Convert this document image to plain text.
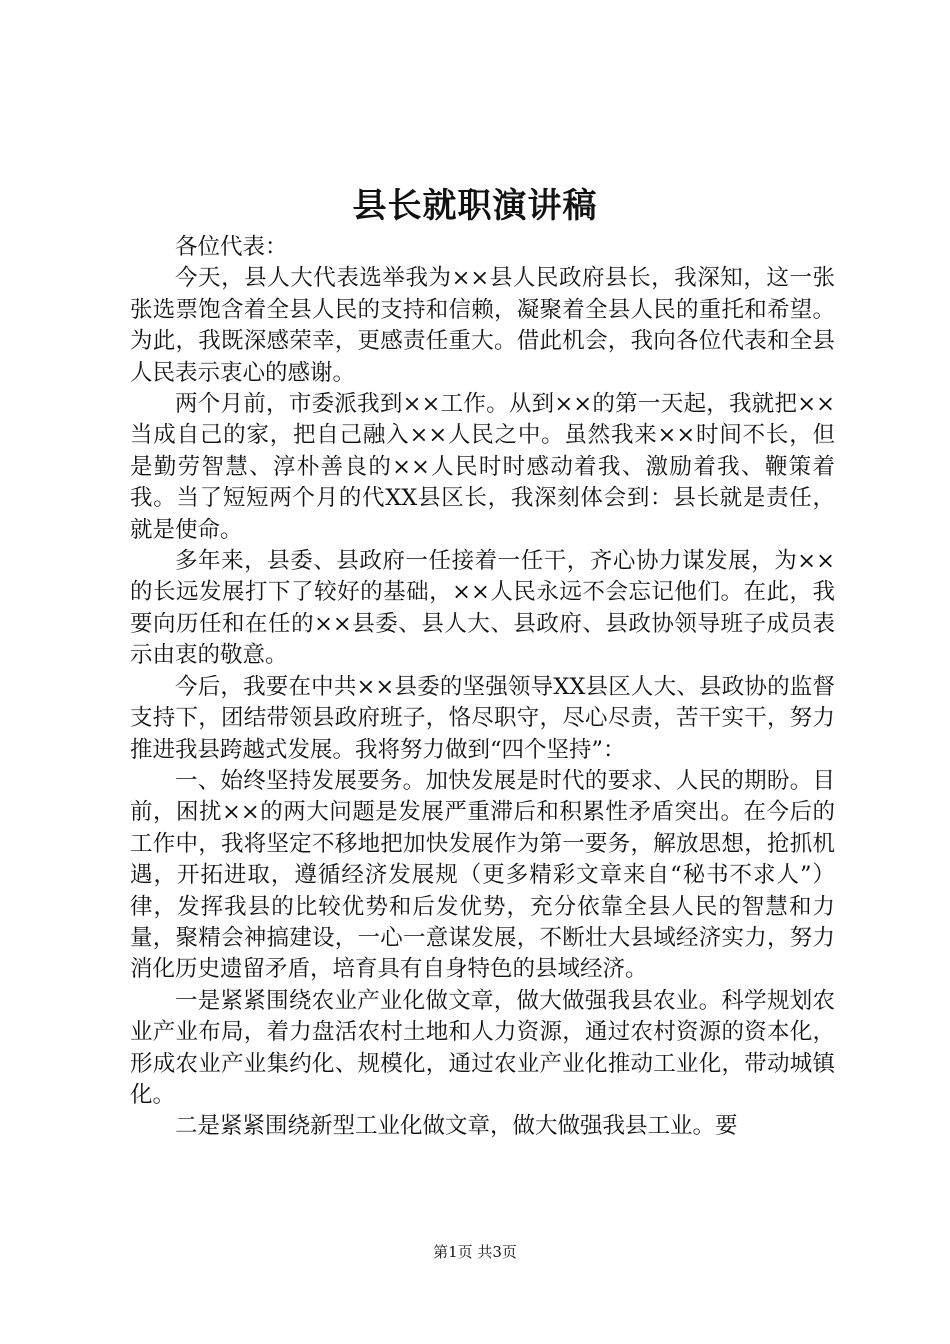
县长就职演讲稿

各位代表：

今天，县人大代表选举我为××县人民政府县长，我深知，这一张张选票饱含着全县人民的支持和信赖，凝聚着全县人民的重托和希望。为此，我既深感荣幸，更感责任重大。借此机会，我向各位代表和全县人民表示衷心的感谢。

两个月前，市委派我到××工作。从到××的第一天起，我就把××当成自己的家，把自己融入××人民之中。虽然我来××时间不长，但是勤劳智慧、淳朴善良的××人民时时感动着我、激励着我、鞭策着我。当了短短两个月的代XX县区长，我深刻体会到：县长就是责任，就是使命。

多年来，县委、县政府一任接着一任干，齐心协力谋发展，为××的长远发展打下了较好的基础，××人民永远不会忘记他们。在此，我要向历任和在任的××县委、县人大、县政府、县政协领导班子成员表示由衷的敬意。

今后，我要在中共××县委的坚强领导XX县区人大、县政协的监督支持下，团结带领县政府班子，恪尽职守，尽心尽责，苦干实干，努力推进我县跨越式发展。我将努力做到“四个坚持”：

一、始终坚持发展要务。加快发展是时代的要求、人民的期盼。目前，困扰××的两大问题是发展严重滞后和积累性矛盾突出。在今后的工作中，我将坚定不移地把加快发展作为第一要务，解放思想，抢抓机遇，开拓进取，遵循经济发展规（更多精彩文章来自“秘书不求人”）律，发挥我县的比较优势和后发优势，充分依靠全县人民的智慧和力量，聚精会神搞建设，一心一意谋发展，不断壮大县域经济实力，努力消化历史遗留矛盾，培育具有自身特色的县域经济。

一是紧紧围绕农业产业化做文章，做大做强我县农业。科学规划农业产业布局，着力盘活农村土地和人力资源，通过农村资源的资本化，形成农业产业集约化、规模化，通过农业产业化推动工业化，带动城镇化。

二是紧紧围绕新型工业化做文章，做大做强我县工业。要

第1页 共3页
